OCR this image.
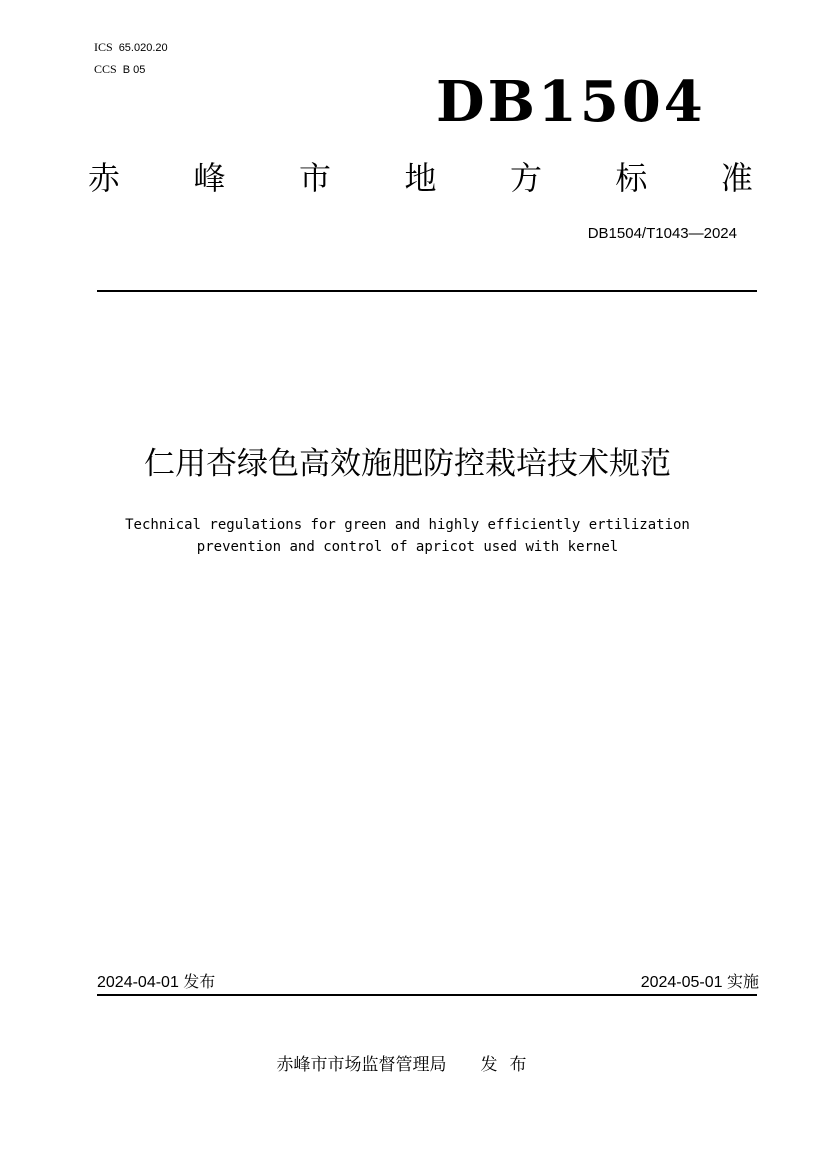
ICS 65.020.20
CCS B 05	DB1504
赤 峰 市 地 方 标 准
DB1504/T1043—2024
仁用杏绿色高效施肥防控栽培技术规范
Technical regulations for green and highly efficiently ertilization
prevention and control of apricot used with kernel
2024-04-01 发布	2024-05-01 实施
赤峰市市场监督管理局 发布
